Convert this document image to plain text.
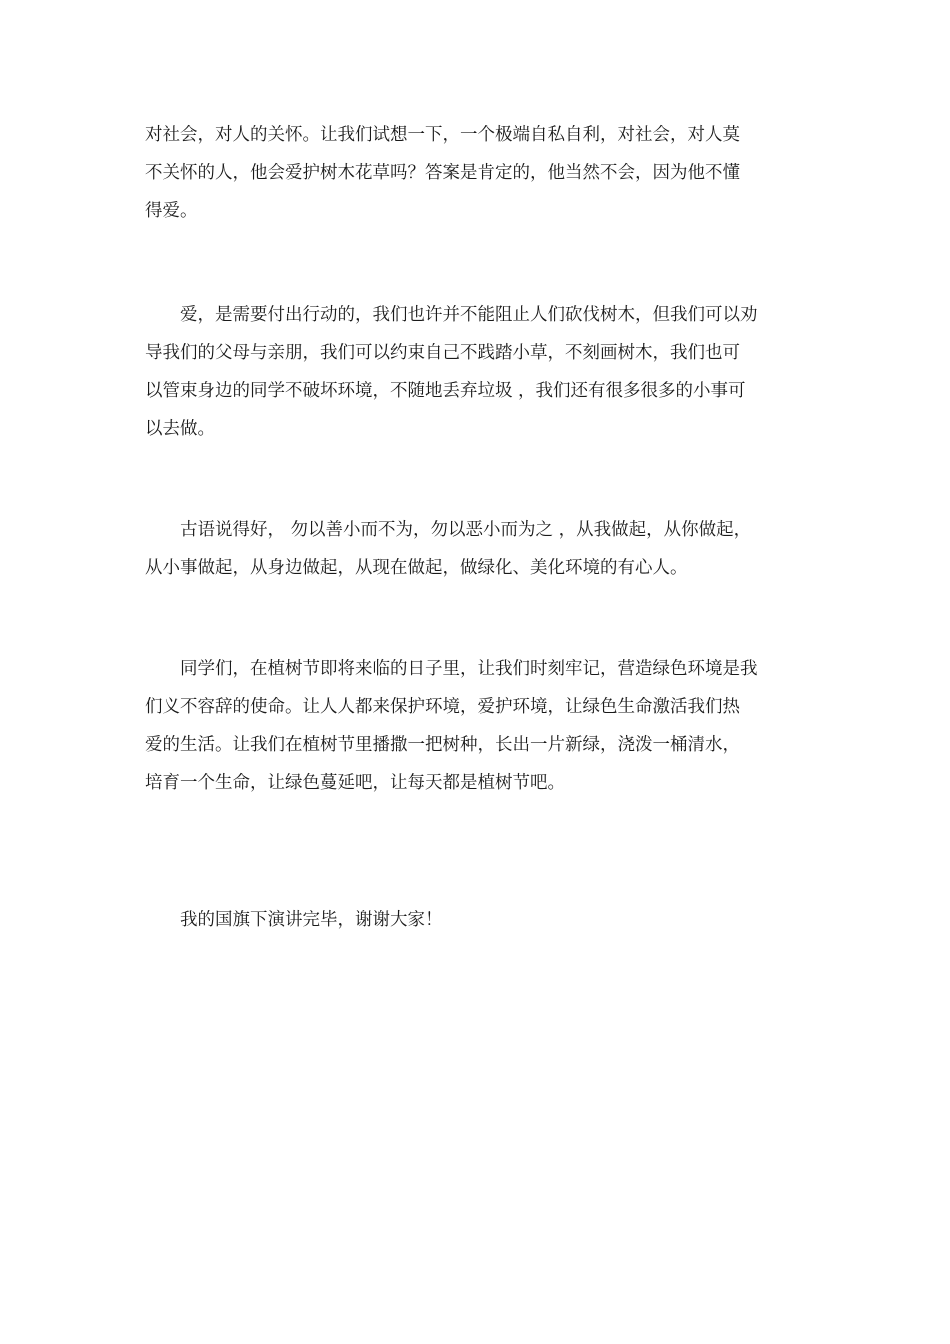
对社会，对人的关怀。让我们试想一下，一个极端自私自利，对社会，对人莫
不关怀的人，他会爱护树木花草吗？答案是肯定的，他当然不会，因为他不懂
得爱。
爱，是需要付出行动的，我们也许并不能阻止人们砍伐树木，但我们可以劝
导我们的父母与亲朋，我们可以约束自己不践踏小草，不刻画树木，我们也可
以管束身边的同学不破坏环境，不随地丢弃垃圾 ，我们还有很多很多的小事可
以去做。
古语说得好， 勿以善小而不为，勿以恶小而为之 ，从我做起，从你做起，
从小事做起，从身边做起，从现在做起，做绿化、美化环境的有心人。
同学们，在植树节即将来临的日子里，让我们时刻牢记，营造绿色环境是我
们义不容辞的使命。让人人都来保护环境，爱护环境，让绿色生命激活我们热
爱的生活。让我们在植树节里播撒一把树种，长出一片新绿，浇泼一桶清水，
培育一个生命，让绿色蔓延吧，让每天都是植树节吧。
我的国旗下演讲完毕，谢谢大家！
